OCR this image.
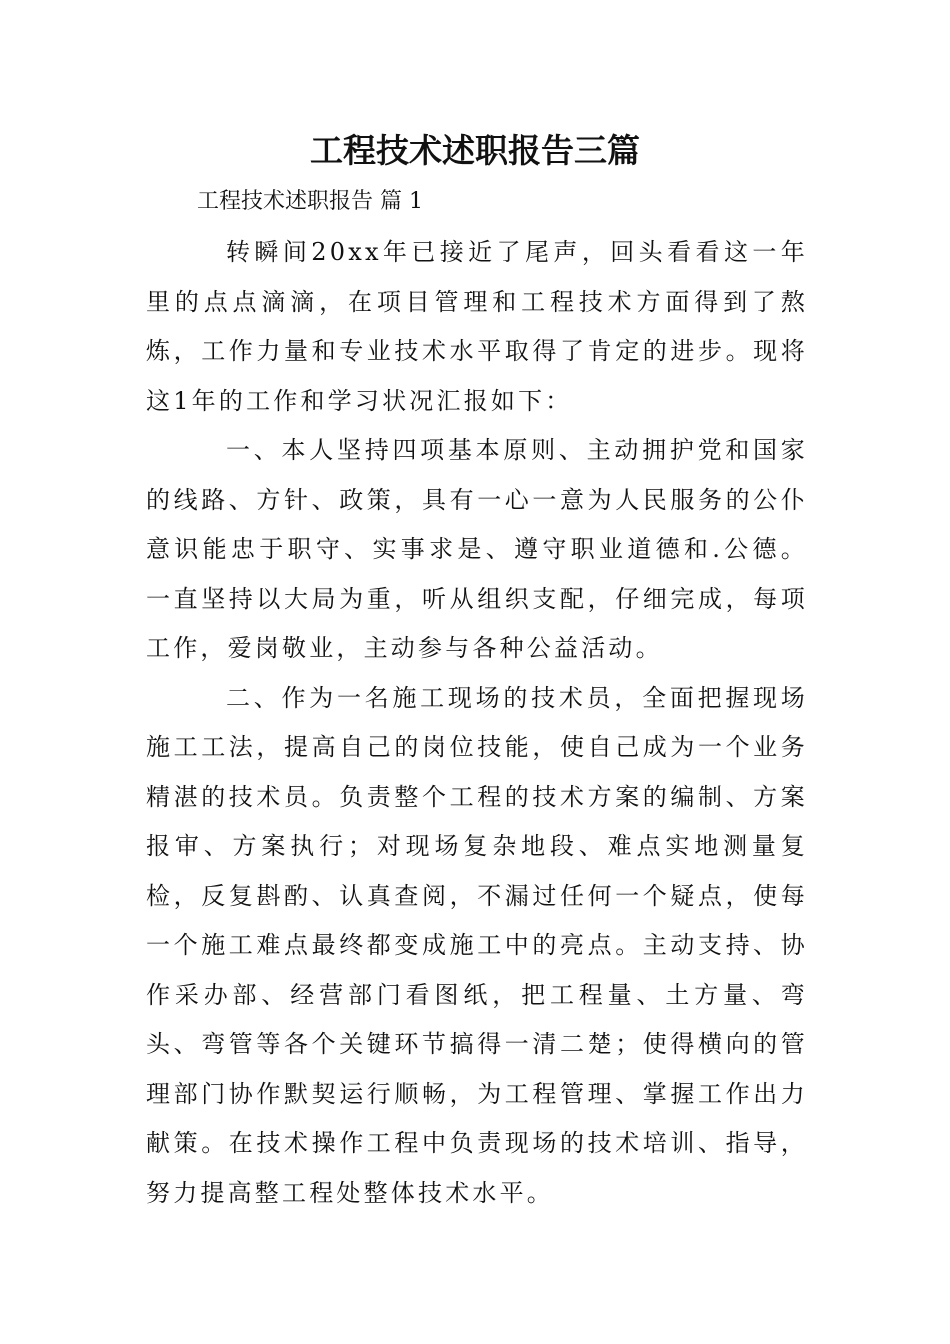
工程技术述职报告三篇

工程技术述职报告 篇 1

转瞬间20xx年已接近了尾声，回头看看这一年里的点点滴滴，在项目管理和工程技术方面得到了熬炼，工作力量和专业技术水平取得了肯定的进步。现将这1年的工作和学习状况汇报如下：

一、本人坚持四项基本原则、主动拥护党和国家的线路、方针、政策，具有一心一意为人民服务的公仆意识能忠于职守、实事求是、遵守职业道德和.公德。一直坚持以大局为重，听从组织支配，仔细完成，每项工作，爱岗敬业，主动参与各种公益活动。

二、作为一名施工现场的技术员，全面把握现场施工工法，提高自己的岗位技能，使自己成为一个业务精湛的技术员。负责整个工程的技术方案的编制、方案报审、方案执行；对现场复杂地段、难点实地测量复检，反复斟酌、认真查阅，不漏过任何一个疑点，使每一个施工难点最终都变成施工中的亮点。主动支持、协作采办部、经营部门看图纸，把工程量、土方量、弯头、弯管等各个关键环节搞得一清二楚；使得横向的管理部门协作默契运行顺畅，为工程管理、掌握工作出力献策。在技术操作工程中负责现场的技术培训、指导，努力提高整工程处整体技术水平。
